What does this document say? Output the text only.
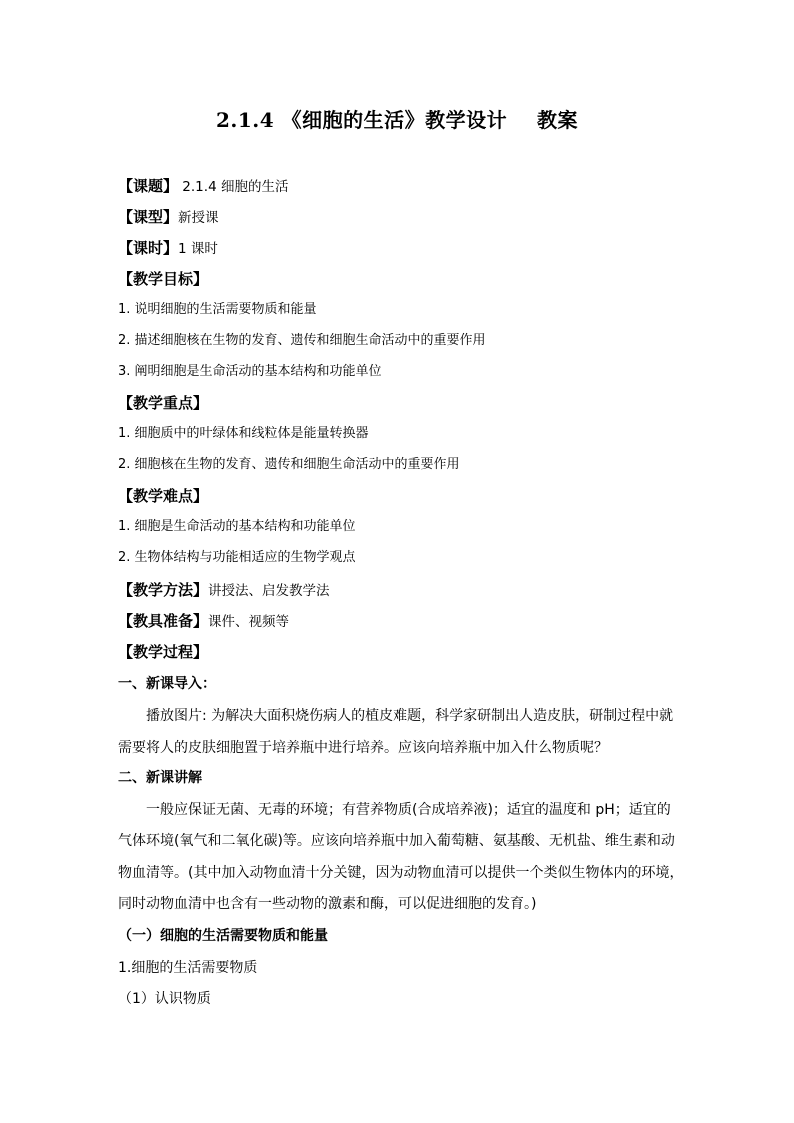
2.1.4 《细胞的生活》教学设计    教案
【课题】 2.1.4 细胞的生活
【课型】新授课
【课时】1 课时
【教学目标】
1. 说明细胞的生活需要物质和能量
2. 描述细胞核在生物的发育、遗传和细胞生命活动中的重要作用
3. 阐明细胞是生命活动的基本结构和功能单位
【教学重点】
1. 细胞质中的叶绿体和线粒体是能量转换器
2. 细胞核在生物的发育、遗传和细胞生命活动中的重要作用
【教学难点】
1. 细胞是生命活动的基本结构和功能单位
2. 生物体结构与功能相适应的生物学观点
【教学方法】讲授法、启发教学法
【教具准备】课件、视频等
【教学过程】
一、新课导入：
播放图片: 为解决大面积烧伤病人的植皮难题，科学家研制出人造皮肤，研制过程中就
需要将人的皮肤细胞置于培养瓶中进行培养。应该向培养瓶中加入什么物质呢？
二、新课讲解
一般应保证无菌、无毒的环境；有营养物质(合成培养液)；适宜的温度和 pH；适宜的
气体环境(氧气和二氧化碳)等。应该向培养瓶中加入葡萄糖、氨基酸、无机盐、维生素和动
物血清等。(其中加入动物血清十分关键，因为动物血清可以提供一个类似生物体内的环境，
同时动物血清中也含有一些动物的激素和酶，可以促进细胞的发育。)
（一）细胞的生活需要物质和能量
1.细胞的生活需要物质
（1）认识物质
